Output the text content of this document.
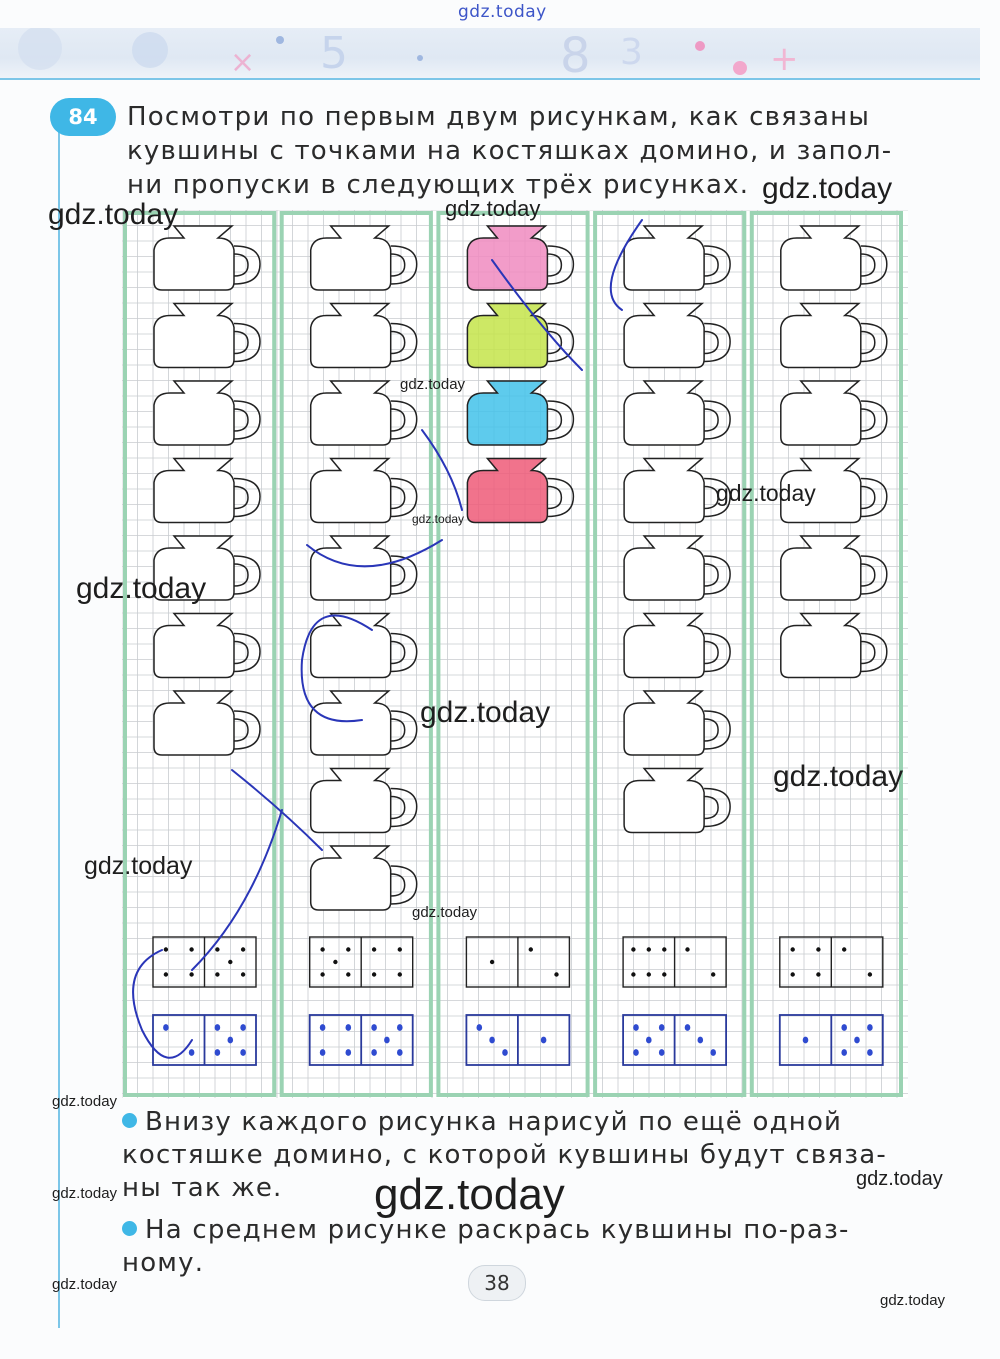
5	8 3
×	+
gdz.today
84	Посмотри по первым двум рисункам, как связаны
кувшины с точками на костяшках домино, и запол-
ни пропуски в следующих трёх рисунках.
Внизу каждого рисунка нарисуй по ещё одной
костяшке домино, с которой кувшины будут связа-
ны так же.
На среднем рисунке раскрась кувшины по-раз-
ному.
38
gdz.today
gdz.today
gdz.today
gdz.today
gdz.today
gdz.today
gdz.today
gdz.today
gdz.today
gdz.today
gdz.today
gdz.today
gdz.today	gdz.today	gdz.today
gdz.today
gdz.today
